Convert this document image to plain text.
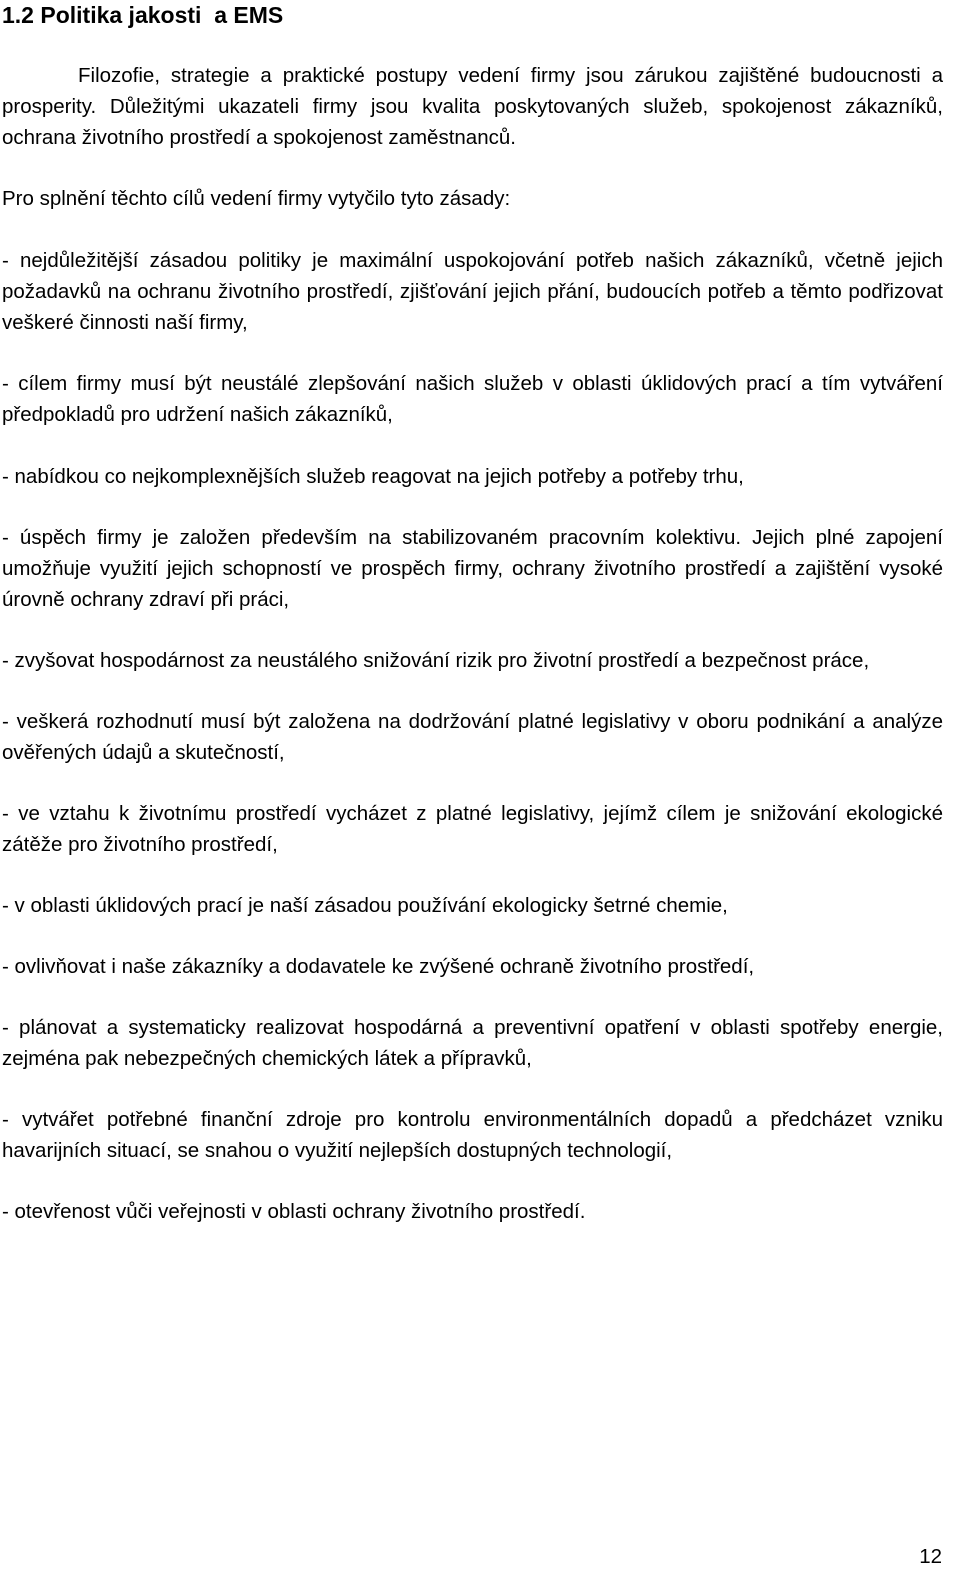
1.2 Politika jakosti  a EMS

Filozofie, strategie a praktické postupy vedení firmy jsou zárukou zajištěné budoucnosti a prosperity. Důležitými ukazateli firmy jsou kvalita poskytovaných služeb, spokojenost zákazníků, ochrana životního prostředí a spokojenost zaměstnanců.

Pro splnění těchto cílů vedení firmy vytyčilo tyto zásady:

- nejdůležitější zásadou politiky je maximální uspokojování potřeb našich zákazníků, včetně jejich požadavků na ochranu životního prostředí, zjišťování jejich přání, budoucích potřeb a těmto podřizovat veškeré činnosti naší firmy,

- cílem firmy musí být neustálé zlepšování našich služeb v oblasti úklidových prací a tím vytváření předpokladů pro udržení našich zákazníků,

- nabídkou co nejkomplexnějších služeb reagovat na jejich potřeby a potřeby trhu,

- úspěch firmy je založen především na stabilizovaném pracovním kolektivu. Jejich plné zapojení umožňuje využití jejich schopností ve prospěch firmy, ochrany životního prostředí a zajištění vysoké úrovně ochrany zdraví při práci,

- zvyšovat hospodárnost za neustálého snižování rizik pro životní prostředí a bezpečnost práce,

- veškerá rozhodnutí musí být založena na dodržování platné legislativy v oboru podnikání a analýze ověřených údajů a skutečností,

- ve vztahu k životnímu prostředí vycházet z platné legislativy, jejímž cílem je snižování ekologické zátěže pro životního prostředí,

- v oblasti úklidových prací je naší zásadou používání ekologicky šetrné chemie,

- ovlivňovat i naše zákazníky a dodavatele ke zvýšené ochraně životního prostředí,

- plánovat a systematicky realizovat hospodárná a preventivní opatření v oblasti spotřeby energie, zejména pak nebezpečných chemických látek a přípravků,

- vytvářet potřebné finanční zdroje pro kontrolu environmentálních dopadů a předcházet vzniku havarijních situací, se snahou o využití nejlepších dostupných technologií,

- otevřenost vůči veřejnosti v oblasti ochrany životního prostředí.

12
